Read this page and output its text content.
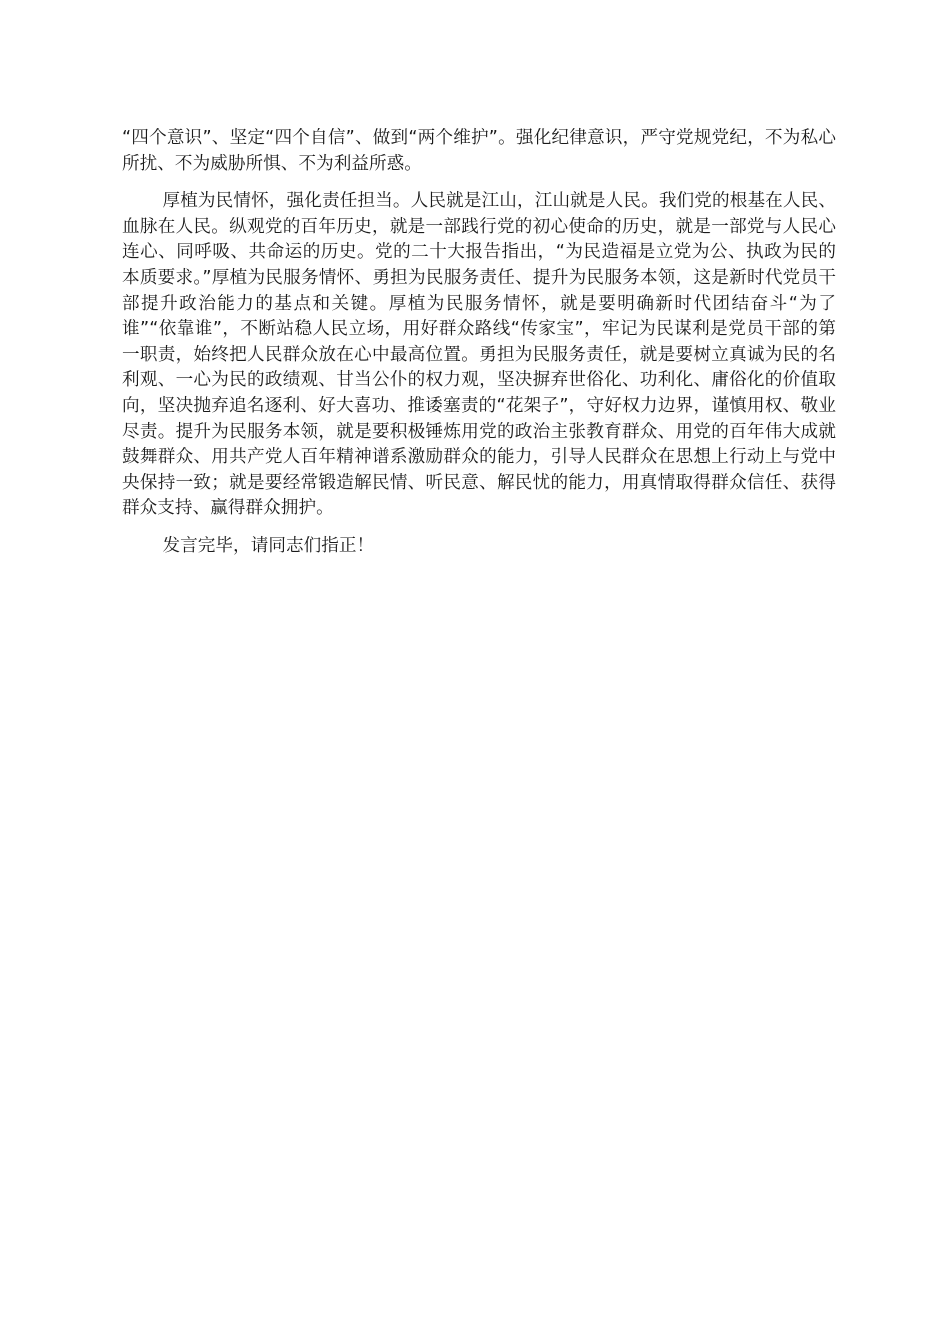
“四个意识”、坚定“四个自信”、做到“两个维护”。强化纪律意识，严守党规党纪，不为私心所扰、不为威胁所惧、不为利益所惑。

厚植为民情怀，强化责任担当。人民就是江山，江山就是人民。我们党的根基在人民、血脉在人民。纵观党的百年历史，就是一部践行党的初心使命的历史，就是一部党与人民心连心、同呼吸、共命运的历史。党的二十大报告指出，“为民造福是立党为公、执政为民的本质要求。”厚植为民服务情怀、勇担为民服务责任、提升为民服务本领，这是新时代党员干部提升政治能力的基点和关键。厚植为民服务情怀，就是要明确新时代团结奋斗“为了谁”“依靠谁”，不断站稳人民立场，用好群众路线“传家宝”，牢记为民谋利是党员干部的第一职责，始终把人民群众放在心中最高位置。勇担为民服务责任，就是要树立真诚为民的名利观、一心为民的政绩观、甘当公仆的权力观，坚决摒弃世俗化、功利化、庸俗化的价值取向，坚决抛弃追名逐利、好大喜功、推诿塞责的“花架子”，守好权力边界，谨慎用权、敬业尽责。提升为民服务本领，就是要积极锤炼用党的政治主张教育群众、用党的百年伟大成就鼓舞群众、用共产党人百年精神谱系激励群众的能力，引导人民群众在思想上行动上与党中央保持一致；就是要经常锻造解民情、听民意、解民忧的能力，用真情取得群众信任、获得群众支持、赢得群众拥护。

发言完毕，请同志们指正！
